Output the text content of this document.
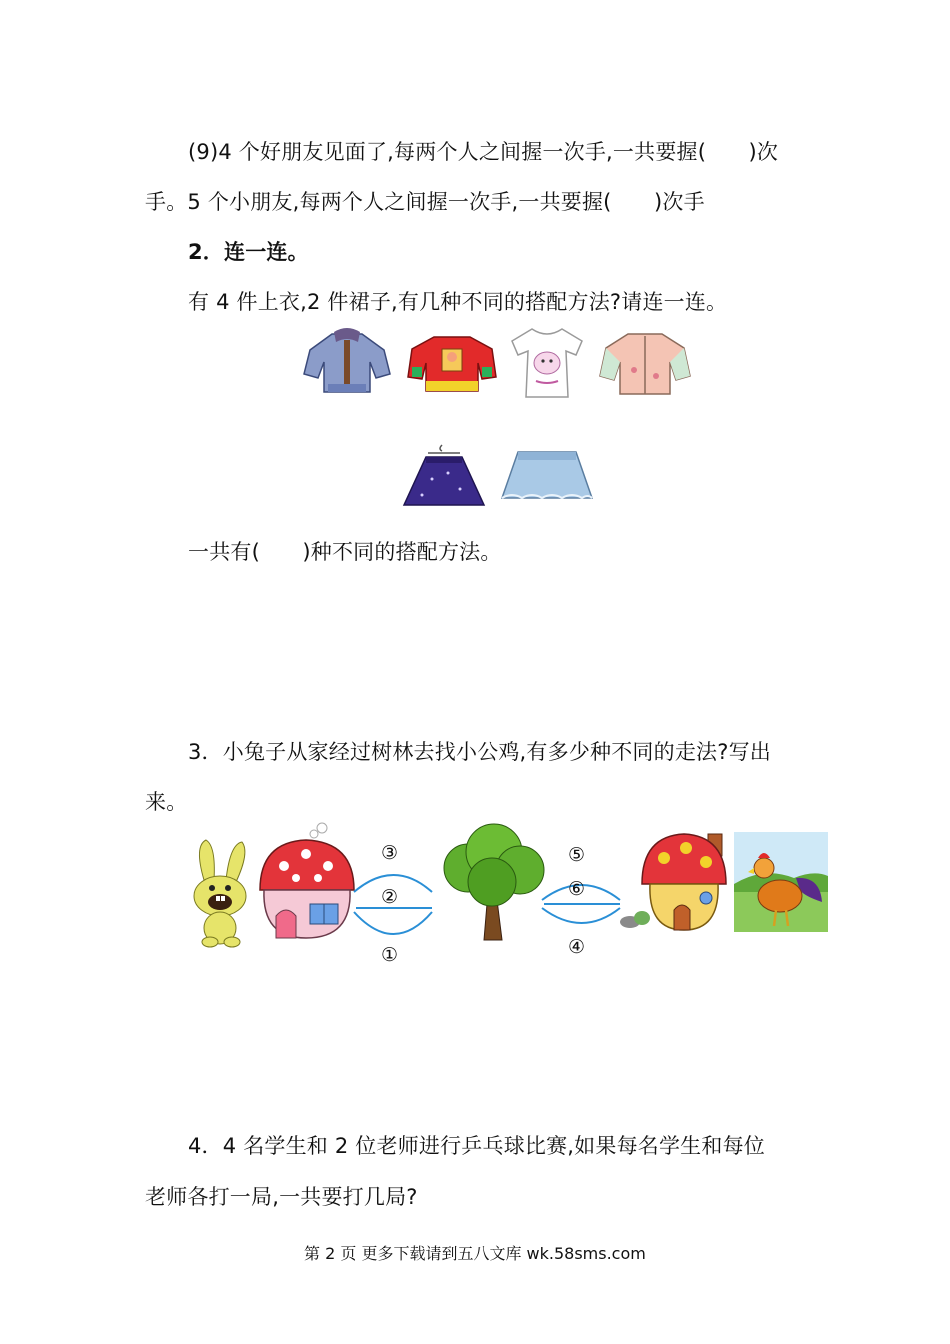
(9)4 个好朋友见面了,每两个人之间握一次手,一共要握(　　)次
手。5 个小朋友,每两个人之间握一次手,一共要握(　　)次手
2．连一连。
有 4 件上衣,2 件裙子,有几种不同的搭配方法?请连一连。
一共有(　　)种不同的搭配方法。
3．小兔子从家经过树林去找小公鸡,有多少种不同的走法?写出
来。
③
②
①
⑤
⑥
④
4．4 名学生和 2 位老师进行乒乓球比赛,如果每名学生和每位
老师各打一局,一共要打几局?
第 2 页 更多下载请到五八文库 wk.58sms.com
